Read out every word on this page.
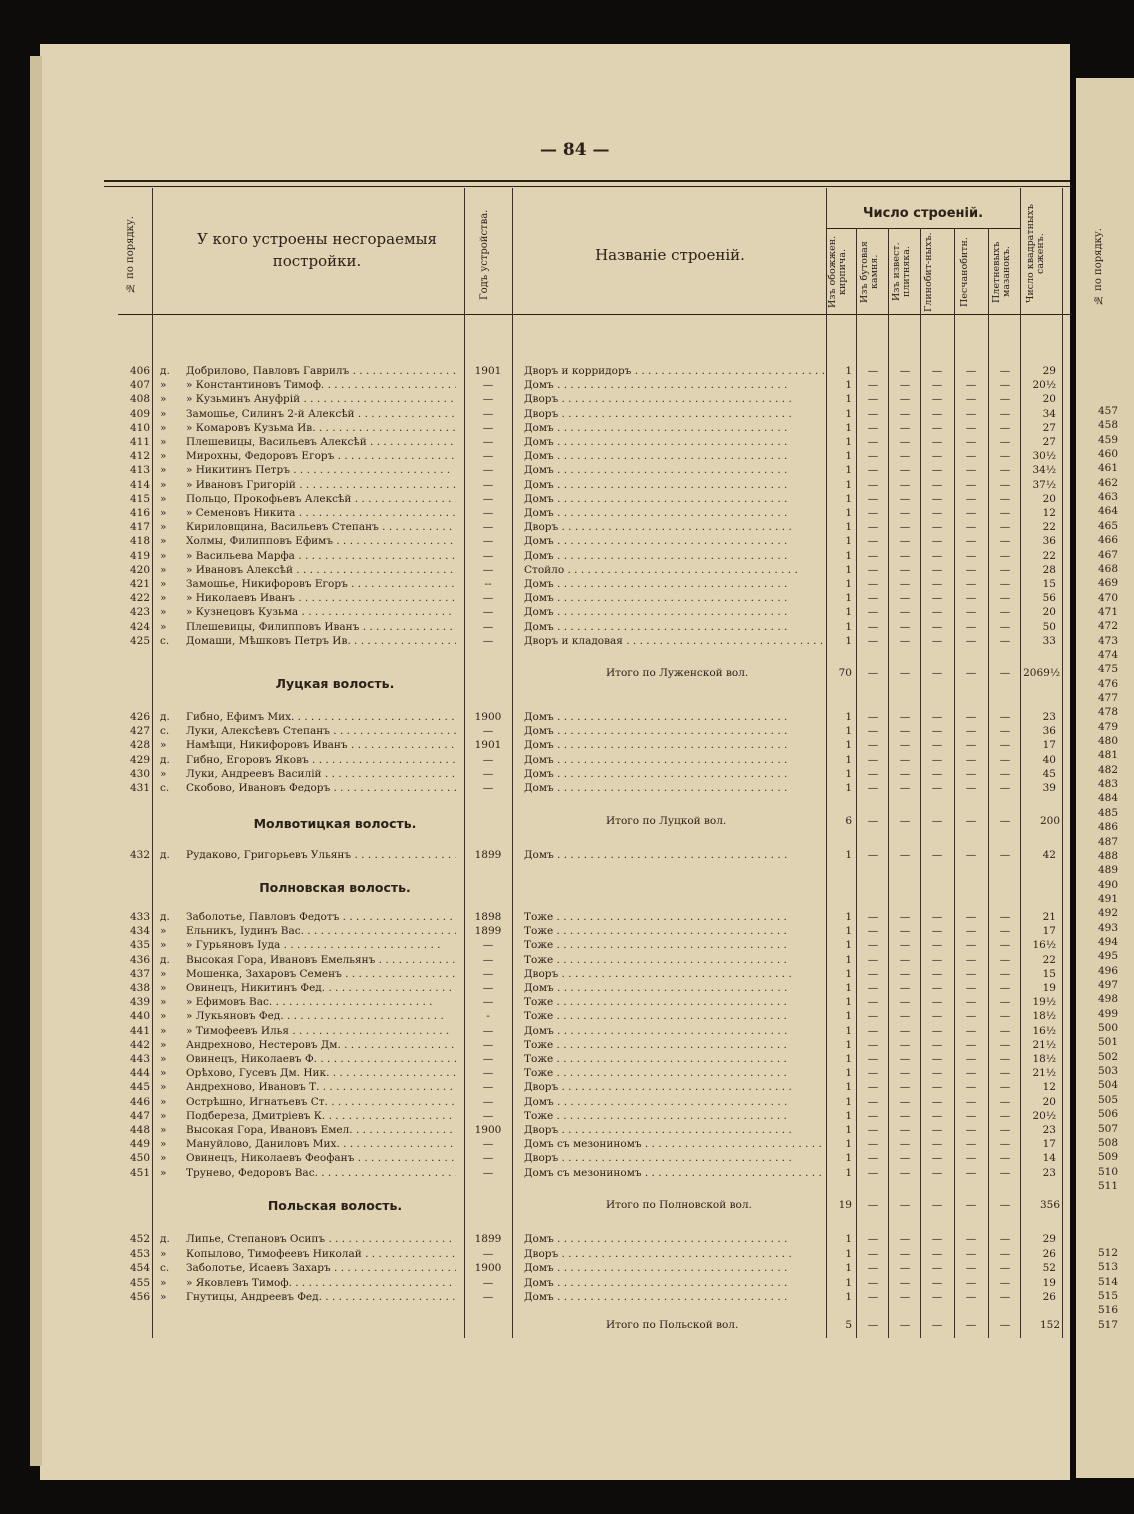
— 84 —
№ по порядку.	У кого устроены несгораемыя постройки.	Годъ устройства.	Названіе строеній.
Число строеній.
Изъ обожжен. кирпича.	Изъ бутовая камня.	Изъ извест. плитняка.	Глинобит-ныхъ.	Песчанобитн.	Плетневыхъ мазанокъ.	Число квадратныхъ саженъ.	№ по порядку.
406 д. Добрилово, Павловъ Гаврилъ . . .	1901	Дворъ и корридоръ . . .	1	—	—	—	—	—	29
407 » » Константиновъ Тимоф. . . .	—	Домъ . . .	1	—	—	—	—	—	20½
408 » » Кузьминъ Ануфрій . . .	—	Дворъ . . .	1	—	—	—	—	—	20
409 » Замошье, Силинъ 2-й Алексѣй . . .	—	Дворъ . . .	1	—	—	—	—	—	34
410 » » Комаровъ Кузьма Ив. . . .	—	Домъ . . .	1	—	—	—	—	—	27
411 » Плешевицы, Васильевъ Алексѣй . . .	—	Домъ . . .	1	—	—	—	—	—	27
412 » Мирохны, Федоровъ Егоръ . . .	—	Домъ . . .	1	—	—	—	—	—	30½
413 » » Никитинъ Петръ . . .	—	Домъ . . .	1	—	—	—	—	—	34½
414 » » Ивановъ Григорій . . .	—	Домъ . . .	1	—	—	—	—	—	37½
415 » Польцо, Прокофьевъ Алексѣй . . .	—	Домъ . . .	1	—	—	—	—	—	20
416 » » Семеновъ Никита . . .	—	Домъ . . .	1	—	—	—	—	—	12
417 » Кириловщина, Васильевъ Степанъ . . .	—	Дворъ . . .	1	—	—	—	—	—	22
418 » Холмы, Филипповъ Ефимъ . . .	—	Домъ . . .	1	—	—	—	—	—	36
419 » » Васильева Марфа . . .	—	Домъ . . .	1	—	—	—	—	—	22
420 » » Ивановъ Алексѣй . . .	—	Стойло . . .	1	—	—	—	—	—	28
421 » Замошье, Никифоровъ Егоръ . . .	--	Домъ . . .	1	—	—	—	—	—	15
422 » » Николаевъ Иванъ . . .	—	Домъ . . .	1	—	—	—	—	—	56
423 » » Кузнецовъ Кузьма . . .	—	Домъ . . .	1	—	—	—	—	—	20
424 » Плешевицы, Филипповъ Иванъ . . .	—	Домъ . . .	1	—	—	—	—	—	50
425 с. Домаши, Мѣшковъ Петръ Ив. . . .	—	Дворъ и кладовая . . .	1	—	—	—	—	—	33
Итого по Луженской вол.	70	—	—	—	—	—	2069½
Луцкая волость.
426 д. Гибно, Ефимъ Мих. . . .	1900	Домъ . . .	1	—	—	—	—	—	23
427 с. Луки, Алексѣевъ Степанъ . . .	—	Домъ . . .	1	—	—	—	—	—	36
428 » Намѣщи, Никифоровъ Иванъ . . .	1901	Домъ . . .	1	—	—	—	—	—	17
429 д. Гибно, Егоровъ Яковъ . . .	—	Домъ . . .	1	—	—	—	—	—	40
430 » Луки, Андреевъ Василій . . .	—	Домъ . . .	1	—	—	—	—	—	45
431 с. Скобово, Ивановъ Федоръ . . .	—	Домъ . . .	1	—	—	—	—	—	39
Итого по Луцкой вол.	6	—	—	—	—	—	200
Молвотицкая волость.
432 д. Рудаково, Григорьевъ Ульянъ . . .	1899	Домъ . . .	1	—	—	—	—	—	42
Полновская волость.
433 д. Заболотье, Павловъ Федотъ . . .	1898	Тоже . . .	1	—	—	—	—	—	21
434 » Ельникъ, Іудинъ Вас. . . .	1899	Тоже . . .	1	—	—	—	—	—	17
435 » » Гурьяновъ Іуда . . .	—	Тоже . . .	1	—	—	—	—	—	16½
436 д. Высокая Гора, Ивановъ Емельянъ . . .	—	Тоже . . .	1	—	—	—	—	—	22
437 » Мошенка, Захаровъ Семенъ . . .	—	Дворъ . . .	1	—	—	—	—	—	15
438 » Овинецъ, Никитинъ Фед. . . .	—	Домъ . . .	1	—	—	—	—	—	19
439 » » Ефимовъ Вас. . . .	—	Тоже . . .	1	—	—	—	—	—	19½
440 » » Лукьяновъ Фед. . . .	-	Тоже . . .	1	—	—	—	—	—	18½
441 » » Тимофеевъ Илья . . .	—	Домъ . . .	1	—	—	—	—	—	16½
442 » Андрехново, Нестеровъ Дм. . . .	—	Тоже . . .	1	—	—	—	—	—	21½
443 » Овинецъ, Николаевъ Ф. . . .	—	Тоже . . .	1	—	—	—	—	—	18½
444 » Орѣхово, Гусевъ Дм. Ник. . . .	—	Тоже . . .	1	—	—	—	—	—	21½
445 » Андрехново, Ивановъ Т. . . .	—	Дворъ . . .	1	—	—	—	—	—	12
446 » Острѣшно, Игнатьевъ Ст. . . .	—	Домъ . . .	1	—	—	—	—	—	20
447 » Подбереза, Дмитріевъ К. . . .	—	Тоже . . .	1	—	—	—	—	—	20½
448 » Высокая Гора, Ивановъ Емел. . . .	1900	Дворъ . . .	1	—	—	—	—	—	23
449 » Мануйлово, Даниловъ Мих. . . .	—	Домъ съ мезониномъ . . .	1	—	—	—	—	—	17
450 » Овинецъ, Николаевъ Феофанъ . . .	—	Дворъ . . .	1	—	—	—	—	—	14
451 » Трунево, Федоровъ Вас. . . .	—	Домъ съ мезониномъ . . .	1	—	—	—	—	—	23
Итого по Полновской вол.	19	—	—	—	—	—	356
Польская волость.
452 д. Липье, Степановъ Осипъ . . .	1899	Домъ . . .	1	—	—	—	—	—	29
453 » Копылово, Тимофеевъ Николай . . .	—	Дворъ . . .	1	—	—	—	—	—	26
454 с. Заболотье, Исаевъ Захаръ . . .	1900	Домъ . . .	1	—	—	—	—	—	52
455 » » Яковлевъ Тимоф. . . .	—	Домъ . . .	1	—	—	—	—	—	19
456 » Гнутицы, Андреевъ Фед. . . .	—	Домъ . . .	1	—	—	—	—	—	26
Итого по Польской вол.	5	—	—	—	—	—	152
457
458
459
460
461
462
463
464
465
466
467
468
469
470
471
472
473
474
475
476
477
478
479
480
481
482
483
484
485
486
487
488
489
490
491
492
493
494
495
496
497
498
499
500
501
502
503
504
505
506
507
508
509
510
511
512
513
514
515
516
517
